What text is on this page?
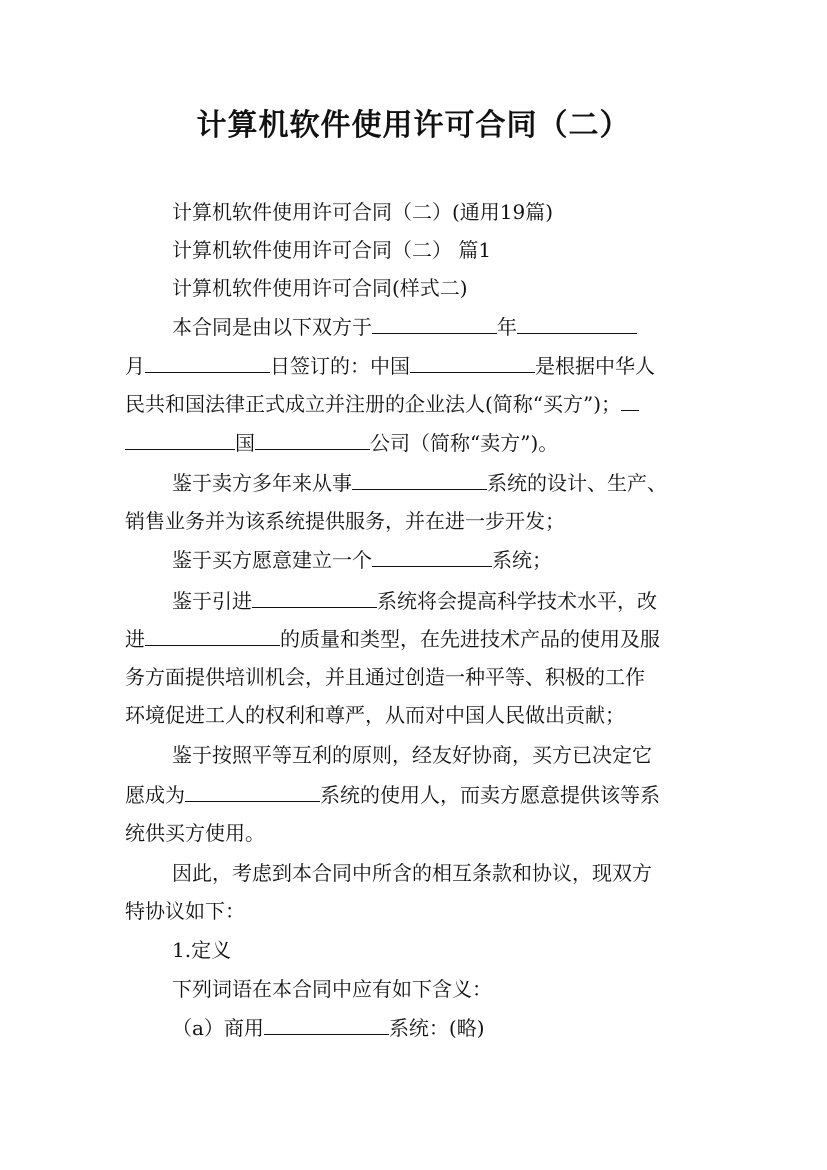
计算机软件使用许可合同（二）
计算机软件使用许可合同（二）(通用19篇)
计算机软件使用许可合同（二） 篇1
计算机软件使用许可合同(样式二)
本合同是由以下双方于	年
月	日签订的：中国	是根据中华人
民共和国法律正式成立并注册的企业法人(简称“买方”)；
国	公司（简称“卖方”)。
鉴于卖方多年来从事	系统的设计、生产、
销售业务并为该系统提供服务，并在进一步开发；
鉴于买方愿意建立一个	系统；
鉴于引进	系统将会提高科学技术水平，改
进	的质量和类型，在先进技术产品的使用及服
务方面提供培训机会，并且通过创造一种平等、积极的工作
环境促进工人的权利和尊严，从而对中国人民做出贡献；
鉴于按照平等互利的原则，经友好协商，买方已决定它
愿成为	系统的使用人，而卖方愿意提供该等系
统供买方使用。
因此，考虑到本合同中所含的相互条款和协议，现双方
特协议如下：
1.定义
下列词语在本合同中应有如下含义：
（a）商用	系统：(略)
